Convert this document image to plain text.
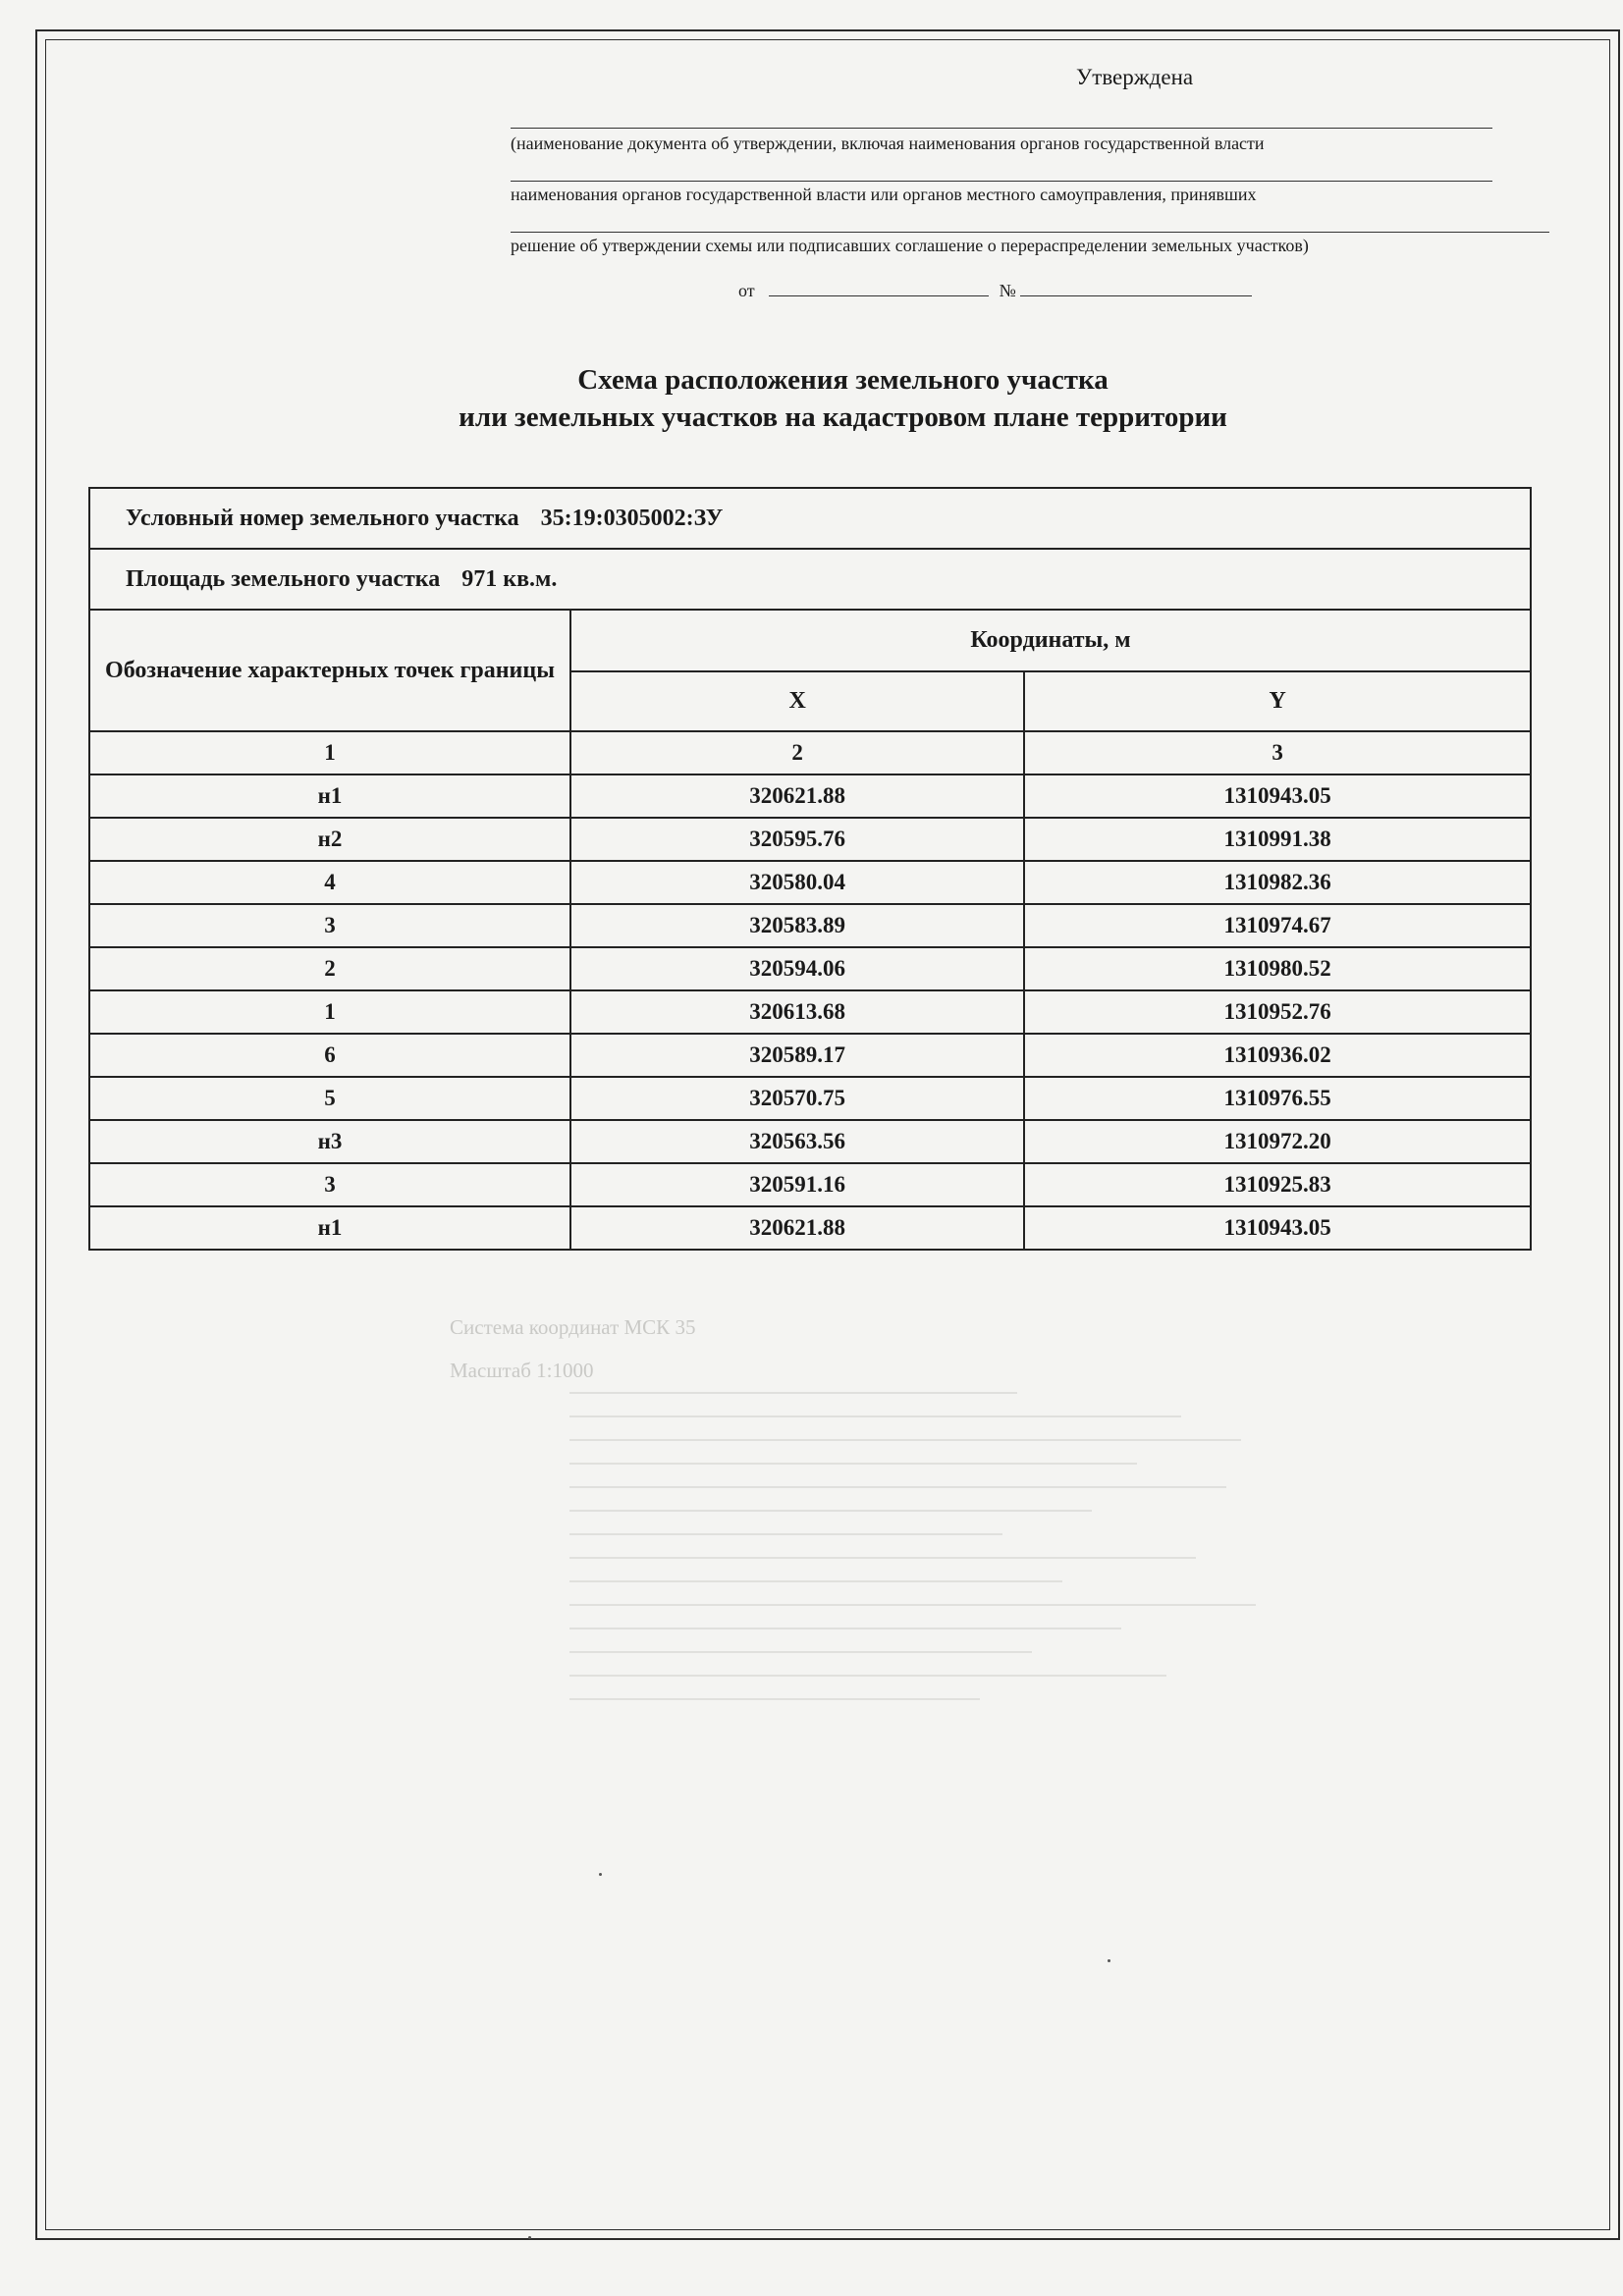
Утверждена
(наименование документа об утверждении, включая наименования органов государственной власти
наименования органов государственной власти или органов местного самоуправления, принявших
решение об утверждении схемы или подписавших соглашение о перераспределении земельных участков)
от	№
Схема расположения земельного участка
или земельных участков на кадастровом плане территории
Условный номер земельного участка 35:19:0305002:ЗУ		
Площадь земельного участка 971 кв.м.		
Обозначение характерных точек границы	Координаты, м	
	X	Y
1	2	3
н1	320621.88	1310943.05
н2	320595.76	1310991.38
4	320580.04	1310982.36
3	320583.89	1310974.67
2	320594.06	1310980.52
1	320613.68	1310952.76
6	320589.17	1310936.02
5	320570.75	1310976.55
н3	320563.56	1310972.20
3	320591.16	1310925.83
н1	320621.88	1310943.05
Система координат МСК 35
Масштаб 1:1000
